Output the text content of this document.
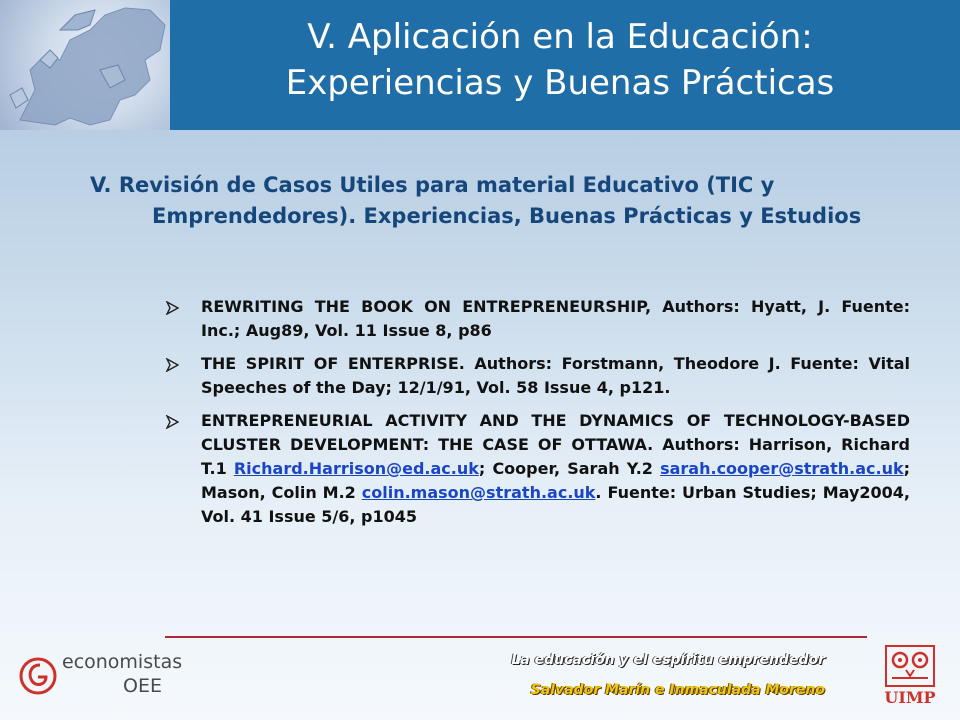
V. Aplicación en la Educación:
Experiencias y Buenas Prácticas
V. Revisión de Casos Utiles para material Educativo (TIC y Emprendedores). Experiencias, Buenas Prácticas y Estudios
REWRITING THE BOOK ON ENTREPRENEURSHIP, Authors: Hyatt, J. Fuente: Inc.; Aug89, Vol. 11 Issue 8, p86
THE SPIRIT OF ENTERPRISE. Authors: Forstmann, Theodore J. Fuente: Vital Speeches of the Day; 12/1/91, Vol. 58 Issue 4, p121.
ENTREPRENEURIAL ACTIVITY AND THE DYNAMICS OF TECHNOLOGY-BASED CLUSTER DEVELOPMENT: THE CASE OF OTTAWA. Authors: Harrison, Richard T.1 Richard.Harrison@ed.ac.uk; Cooper, Sarah Y.2 sarah.cooper@strath.ac.uk; Mason, Colin M.2 colin.mason@strath.ac.uk. Fuente: Urban Studies; May2004, Vol. 41 Issue 5/6, p1045
economistas
OEE
La educación y el espíritu emprendedor
Salvador Marín e Inmaculada Moreno	UIMP
